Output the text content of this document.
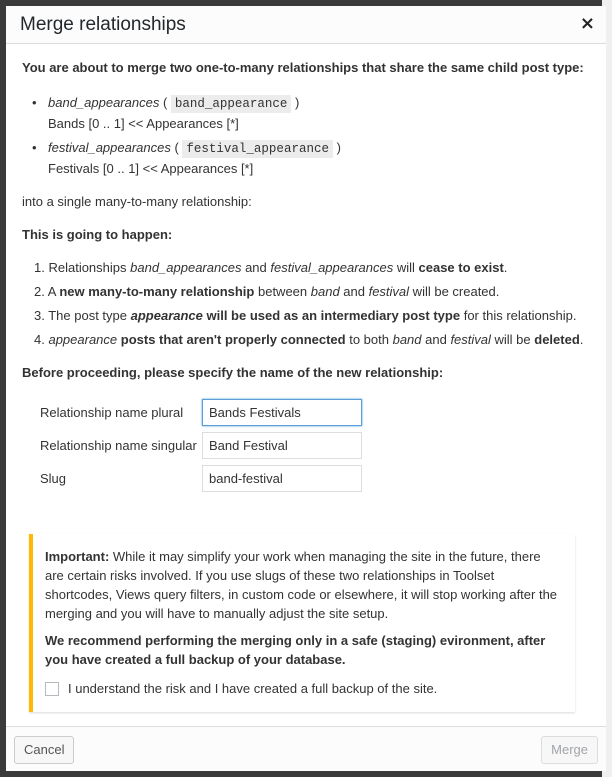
Merge relationships	×
You are about to merge two one-to-many relationships that share the same child post type:
• band_appearances ( band_appearance )
Bands [0 .. 1] << Appearances [*]
• festival_appearances ( festival_appearance )
Festivals [0 .. 1] << Appearances [*]
into a single many-to-many relationship:
This is going to happen:
1. Relationships band_appearances and festival_appearances will cease to exist.
2. A new many-to-many relationship between band and festival will be created.
3. The post type appearance will be used as an intermediary post type for this relationship.
4. appearance posts that aren't properly connected to both band and festival will be deleted.
Before proceeding, please specify the name of the new relationship:
Relationship name plural
Bands Festivals
Relationship name singular
Band Festival
Slug
band-festival

Important: While it may simplify your work when managing the site in the future, there are certain risks involved. If you use slugs of these two relationships in Toolset shortcodes, Views query filters, in custom code or elsewhere, it will stop working after the merging and you will have to manually adjust the site setup.

We recommend performing the merging only in a safe (staging) evironment, after you have created a full backup of your database.

I understand the risk and I have created a full backup of the site.
Cancel	Merge
